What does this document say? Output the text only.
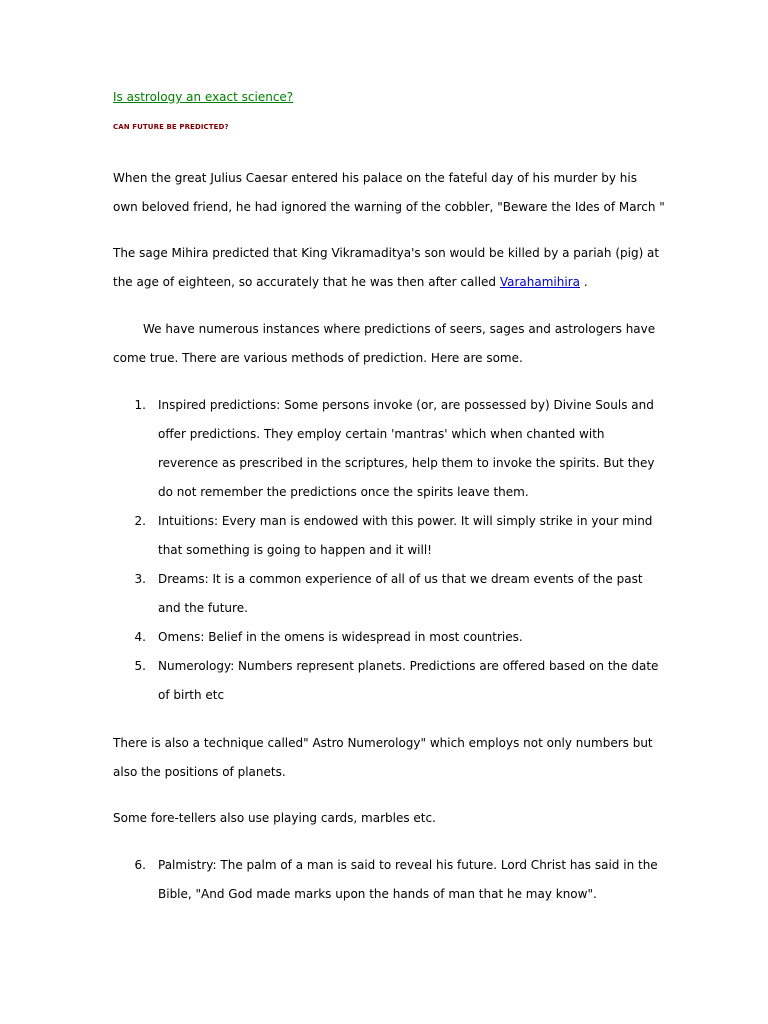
Is astrology an exact science?
CAN FUTURE BE PREDICTED?
When the great Julius Caesar entered his palace on the fateful day of his murder by his
own beloved friend, he had ignored the warning of the cobbler, "Beware the Ides of March "
The sage Mihira predicted that King Vikramaditya's son would be killed by a pariah (pig) at
the age of eighteen, so accurately that he was then after called Varahamihira .
We have numerous instances where predictions of seers, sages and astrologers have
come true. There are various methods of prediction. Here are some.
1. Inspired predictions: Some persons invoke (or, are possessed by) Divine Souls and
offer predictions. They employ certain 'mantras' which when chanted with
reverence as prescribed in the scriptures, help them to invoke the spirits. But they
do not remember the predictions once the spirits leave them.
2. Intuitions: Every man is endowed with this power. It will simply strike in your mind
that something is going to happen and it will!
3. Dreams: It is a common experience of all of us that we dream events of the past
and the future.
4. Omens: Belief in the omens is widespread in most countries.
5. Numerology: Numbers represent planets. Predictions are offered based on the date
of birth etc
There is also a technique called" Astro Numerology" which employs not only numbers but
also the positions of planets.
Some fore-tellers also use playing cards, marbles etc.
6. Palmistry: The palm of a man is said to reveal his future. Lord Christ has said in the
Bible, "And God made marks upon the hands of man that he may know".
